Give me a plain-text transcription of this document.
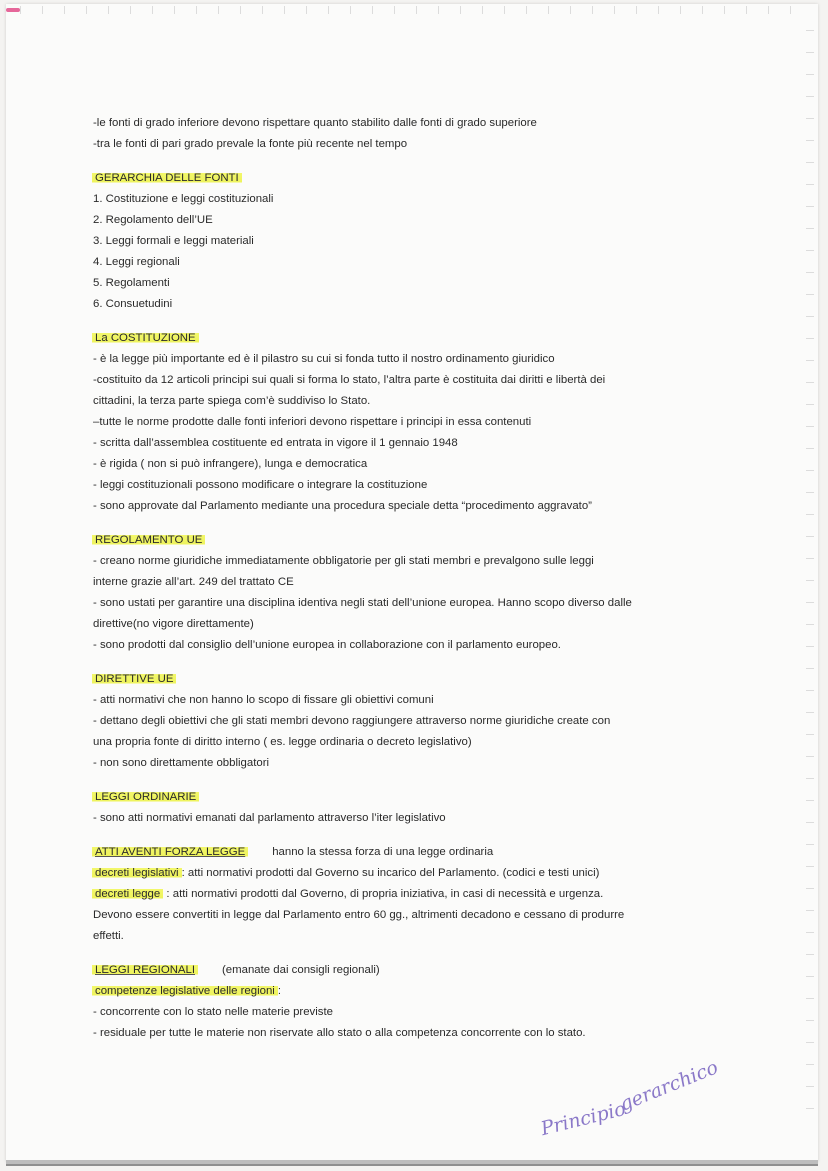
-le fonti di grado inferiore devono rispettare quanto stabilito dalle fonti di grado superiore
-tra le fonti di pari grado prevale la fonte più recente nel tempo
GERARCHIA DELLE FONTI
1. Costituzione e leggi costituzionali
2. Regolamento dell’UE
3. Leggi formali e leggi materiali
4. Leggi regionali
5. Regolamenti
6. Consuetudini
La COSTITUZIONE
- è la legge più importante ed è il pilastro su cui si fonda tutto il nostro ordinamento giuridico
-costituito da 12 articoli principi sui quali si forma lo stato, l’altra parte è costituita dai diritti e libertà dei
cittadini, la terza parte spiega com’è suddiviso lo Stato.
–tutte le norme prodotte dalle fonti inferiori devono rispettare i principi in essa contenuti
- scritta dall’assemblea costituente ed entrata in vigore il 1 gennaio 1948
- è rigida ( non si può infrangere), lunga e democratica
- leggi costituzionali possono modificare o integrare la costituzione
- sono approvate dal Parlamento mediante una procedura speciale detta “procedimento aggravato”
REGOLAMENTO UE
- creano norme giuridiche immediatamente obbligatorie per gli stati membri e prevalgono sulle leggi
interne grazie all’art. 249 del trattato CE
- sono ustati per garantire una disciplina identiva negli stati dell’unione europea. Hanno scopo diverso dalle
direttive(no vigore direttamente)
- sono prodotti dal consiglio dell’unione europea in collaborazione con il parlamento europeo.
DIRETTIVE UE
- atti normativi che non hanno lo scopo di fissare gli obiettivi comuni
- dettano degli obiettivi che gli stati membri devono raggiungere attraverso norme giuridiche create con
una propria fonte di diritto interno ( es. legge ordinaria o decreto legislativo)
- non sono direttamente obbligatori
LEGGI ORDINARIE
- sono atti normativi emanati dal parlamento attraverso l’iter legislativo
ATTI AVENTI FORZA LEGGE hanno la stessa forza di una legge ordinaria
decreti legislativi : atti normativi prodotti dal Governo su incarico del Parlamento. (codici e testi unici)
decreti legge : atti normativi prodotti dal Governo, di propria iniziativa, in casi di necessità e urgenza.
Devono essere convertiti in legge dal Parlamento entro 60 gg., altrimenti decadono e cessano di produrre
effetti.
LEGGI REGIONALI (emanate dai consigli regionali)
competenze legislative delle regioni :
- concorrente con lo stato nelle materie previste
- residuale per tutte le materie non riservate allo stato o alla competenza concorrente con lo stato.
Principio
gerarchico
